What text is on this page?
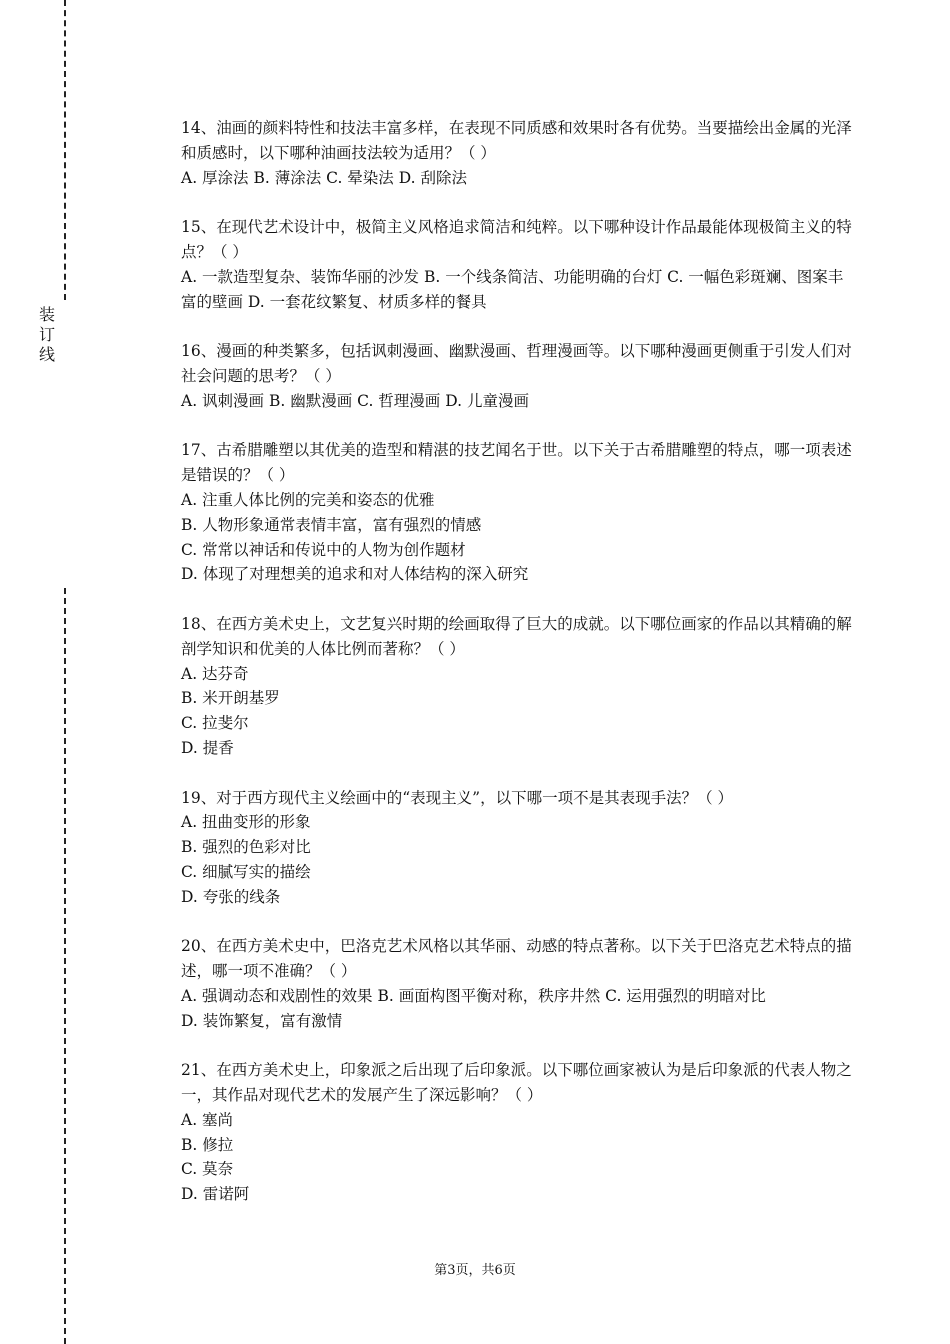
装
订
线

14、油画的颜料特性和技法丰富多样，在表现不同质感和效果时各有优势。当要描绘出金属的光泽和质感时，以下哪种油画技法较为适用？（ ）

A. 厚涂法 B. 薄涂法 C. 晕染法 D. 刮除法

15、在现代艺术设计中，极简主义风格追求简洁和纯粹。以下哪种设计作品最能体现极简主义的特点？（ ）

A. 一款造型复杂、装饰华丽的沙发 B. 一个线条简洁、功能明确的台灯 C. 一幅色彩斑斓、图案丰富的壁画 D. 一套花纹繁复、材质多样的餐具

16、漫画的种类繁多，包括讽刺漫画、幽默漫画、哲理漫画等。以下哪种漫画更侧重于引发人们对社会问题的思考？（ ）

A. 讽刺漫画 B. 幽默漫画 C. 哲理漫画 D. 儿童漫画

17、古希腊雕塑以其优美的造型和精湛的技艺闻名于世。以下关于古希腊雕塑的特点，哪一项表述是错误的？（ ）

A. 注重人体比例的完美和姿态的优雅

B. 人物形象通常表情丰富，富有强烈的情感

C. 常常以神话和传说中的人物为创作题材

D. 体现了对理想美的追求和对人体结构的深入研究

18、在西方美术史上，文艺复兴时期的绘画取得了巨大的成就。以下哪位画家的作品以其精确的解剖学知识和优美的人体比例而著称？（ ）

A. 达芬奇

B. 米开朗基罗

C. 拉斐尔

D. 提香

19、对于西方现代主义绘画中的“表现主义”，以下哪一项不是其表现手法？（ ）

A. 扭曲变形的形象

B. 强烈的色彩对比

C. 细腻写实的描绘

D. 夸张的线条

20、在西方美术史中，巴洛克艺术风格以其华丽、动感的特点著称。以下关于巴洛克艺术特点的描述，哪一项不准确？（ ）

A. 强调动态和戏剧性的效果 B. 画面构图平衡对称，秩序井然 C. 运用强烈的明暗对比

D. 装饰繁复，富有激情

21、在西方美术史上，印象派之后出现了后印象派。以下哪位画家被认为是后印象派的代表人物之一，其作品对现代艺术的发展产生了深远影响？（ ）

A. 塞尚

B. 修拉

C. 莫奈

D. 雷诺阿

第3页，共6页
